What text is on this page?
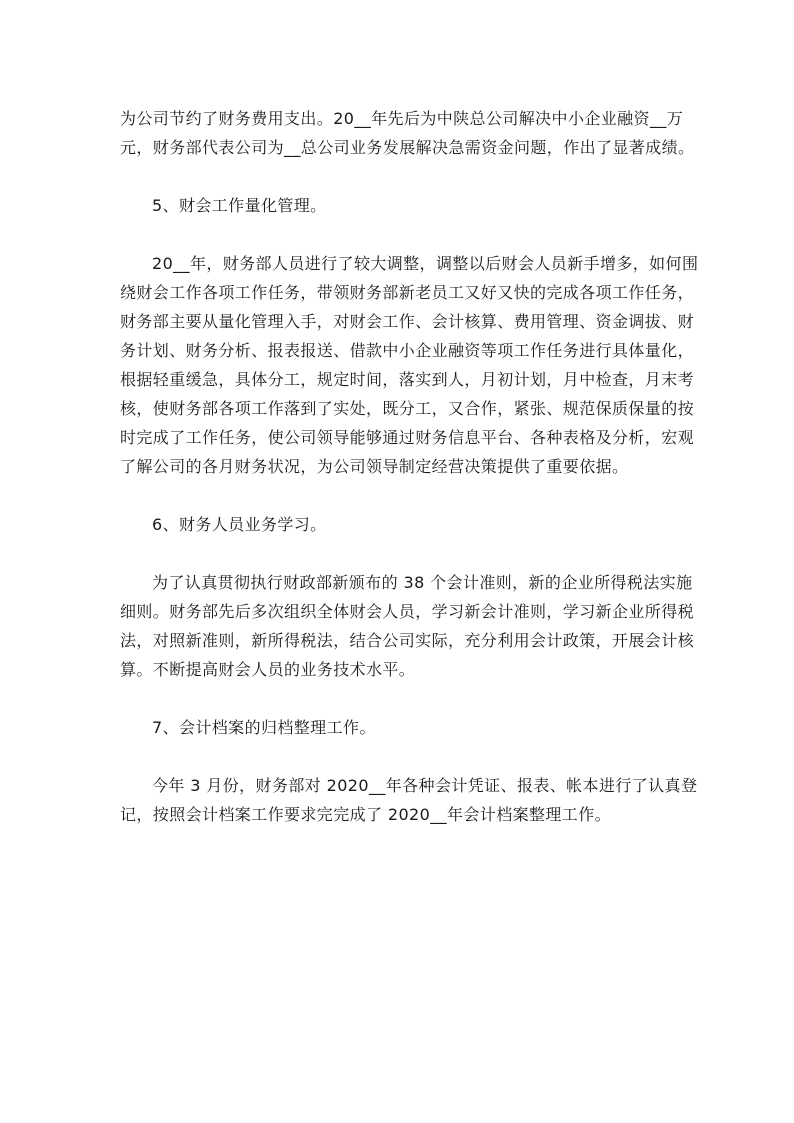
为公司节约了财务费用支出。20__年先后为中陕总公司解决中小企业融资__万
元，财务部代表公司为__总公司业务发展解决急需资金问题，作出了显著成绩。
5、财会工作量化管理。
20__年，财务部人员进行了较大调整，调整以后财会人员新手增多，如何围
绕财会工作各项工作任务，带领财务部新老员工又好又快的完成各项工作任务，
财务部主要从量化管理入手，对财会工作、会计核算、费用管理、资金调拔、财
务计划、财务分析、报表报送、借款中小企业融资等项工作任务进行具体量化，
根据轻重缓急，具体分工，规定时间，落实到人，月初计划，月中检查，月末考
核，使财务部各项工作落到了实处，既分工，又合作，紧张、规范保质保量的按
时完成了工作任务，使公司领导能够通过财务信息平台、各种表格及分析，宏观
了解公司的各月财务状况，为公司领导制定经营决策提供了重要依据。
6、财务人员业务学习。
为了认真贯彻执行财政部新颁布的 38 个会计准则，新的企业所得税法实施
细则。财务部先后多次组织全体财会人员，学习新会计准则，学习新企业所得税
法，对照新准则，新所得税法，结合公司实际，充分利用会计政策，开展会计核
算。不断提高财会人员的业务技术水平。
7、会计档案的归档整理工作。
今年 3 月份，财务部对 2020__年各种会计凭证、报表、帐本进行了认真登
记，按照会计档案工作要求完完成了 2020__年会计档案整理工作。
